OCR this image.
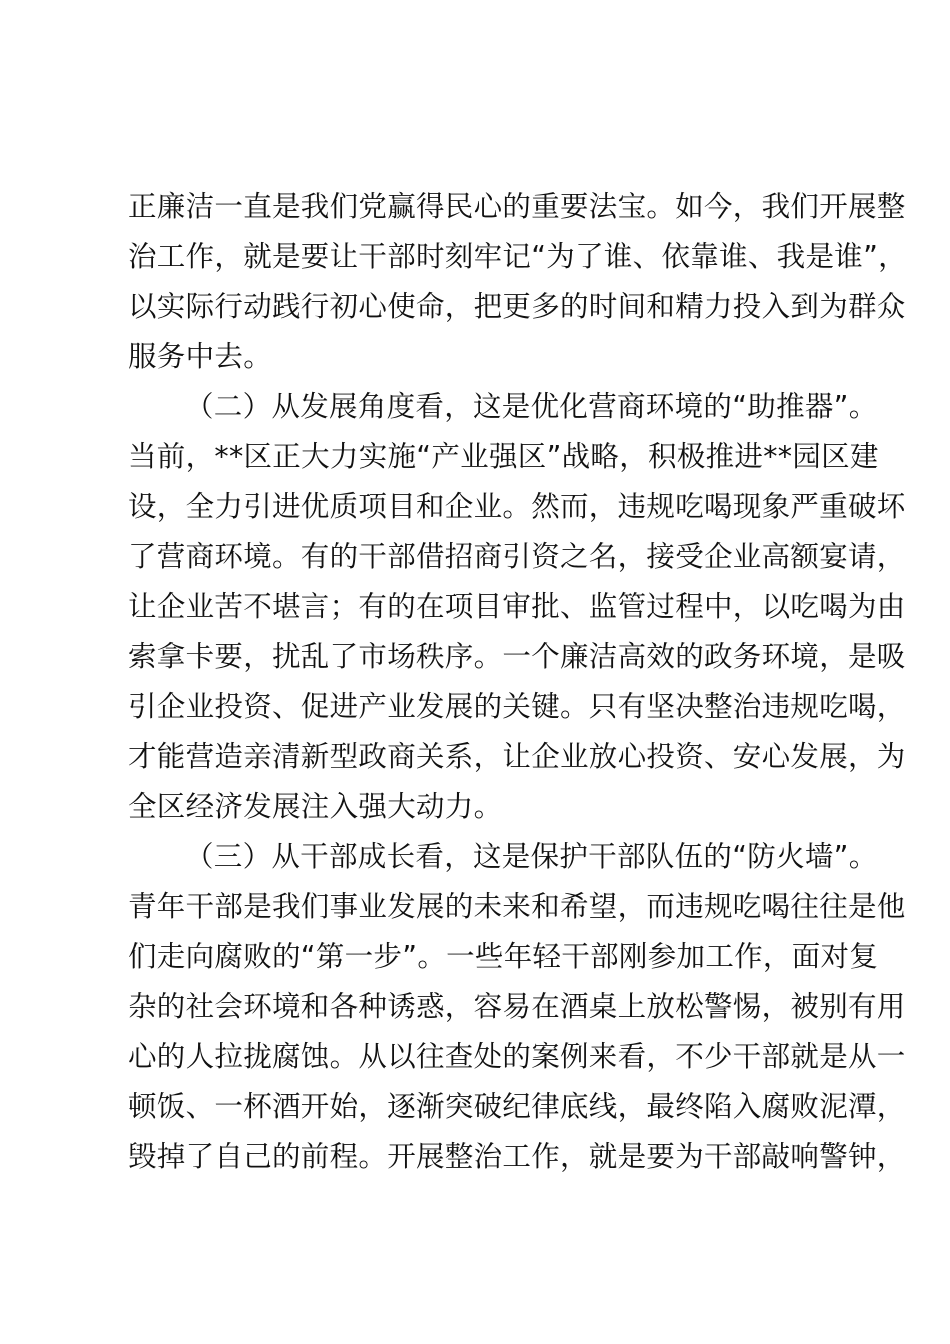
正廉洁一直是我们党赢得民心的重要法宝。如今，我们开展整
治工作，就是要让干部时刻牢记“为了谁、依靠谁、我是谁”，
以实际行动践行初心使命，把更多的时间和精力投入到为群众
服务中去。
（二）从发展角度看，这是优化营商环境的“助推器”。
当前，**区正大力实施“产业强区”战略，积极推进**园区建
设，全力引进优质项目和企业。然而，违规吃喝现象严重破坏
了营商环境。有的干部借招商引资之名，接受企业高额宴请，
让企业苦不堪言；有的在项目审批、监管过程中，以吃喝为由
索拿卡要，扰乱了市场秩序。一个廉洁高效的政务环境，是吸
引企业投资、促进产业发展的关键。只有坚决整治违规吃喝，
才能营造亲清新型政商关系，让企业放心投资、安心发展，为
全区经济发展注入强大动力。
（三）从干部成长看，这是保护干部队伍的“防火墙”。
青年干部是我们事业发展的未来和希望，而违规吃喝往往是他
们走向腐败的“第一步”。一些年轻干部刚参加工作，面对复
杂的社会环境和各种诱惑，容易在酒桌上放松警惕，被别有用
心的人拉拢腐蚀。从以往查处的案例来看，不少干部就是从一
顿饭、一杯酒开始，逐渐突破纪律底线，最终陷入腐败泥潭，
毁掉了自己的前程。开展整治工作，就是要为干部敲响警钟，
